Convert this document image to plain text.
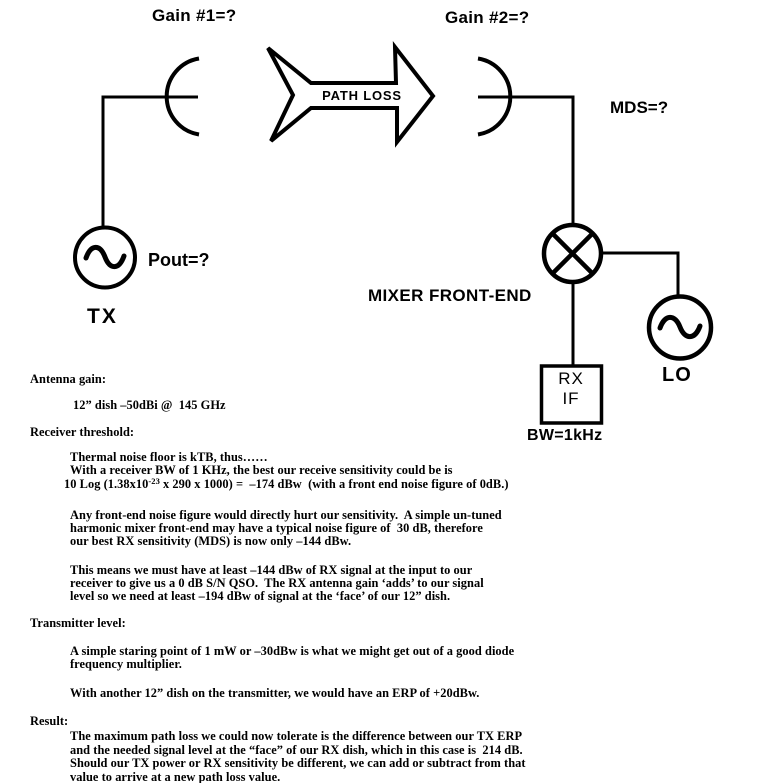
Gain #1=?	Gain #2=?
PATH LOSS
MDS=?
Pout=?
TX
MIXER FRONT-END
LO
RX
IF
BW=1kHz
Antenna gain:
12” dish –50dBi @  145 GHz
Receiver threshold:
Thermal noise floor is kTB, thus……
With a receiver BW of 1 KHz, the best our receive sensitivity could be is
10 Log ($1.38x10^{-23}$ x 290 x 1000) =  –174 dBw  (with a front end noise figure of 0dB.)
Any front-end noise figure would directly hurt our sensitivity.  A simple un-tuned
harmonic mixer front-end may have a typical noise figure of  30 dB, therefore
our best RX sensitivity (MDS) is now only –144 dBw.
This means we must have at least –144 dBw of RX signal at the input to our
receiver to give us a 0 dB S/N QSO.  The RX antenna gain ‘adds’ to our signal
level so we need at least –194 dBw of signal at the ‘face’ of our 12” dish.
Transmitter level:
A simple staring point of 1 mW or –30dBw is what we might get out of a good diode
frequency multiplier.
With another 12” dish on the transmitter, we would have an ERP of +20dBw.
Result:
The maximum path loss we could now tolerate is the difference between our TX ERP
and the needed signal level at the “face” of our RX dish, which in this case is  214 dB.
Should our TX power or RX sensitivity be different, we can add or subtract from that
value to arrive at a new path loss value.
